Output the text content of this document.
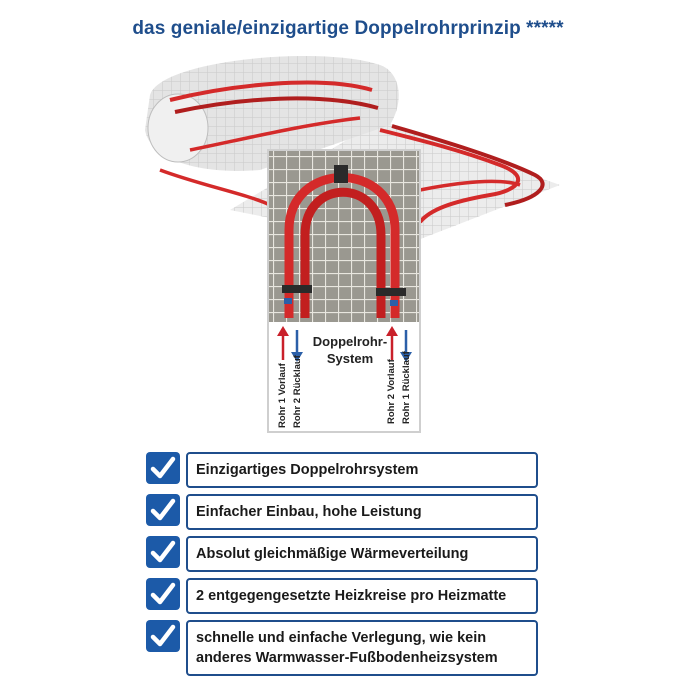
das geniale/einzigartige Doppelrohrprinzip *****
Doppelrohr-
System
Rohr 1 Vorlauf Rohr 2 Rücklauf	Rohr 2 Vorlauf Rohr 1 Rücklauf
Einzigartiges Doppelrohrsystem
Einfacher Einbau, hohe Leistung
Absolut gleichmäßige Wärmeverteilung
2 entgegengesetzte Heizkreise pro Heizmatte
schnelle und einfache Verlegung, wie kein anderes Warmwasser-Fußbodenheizsystem
